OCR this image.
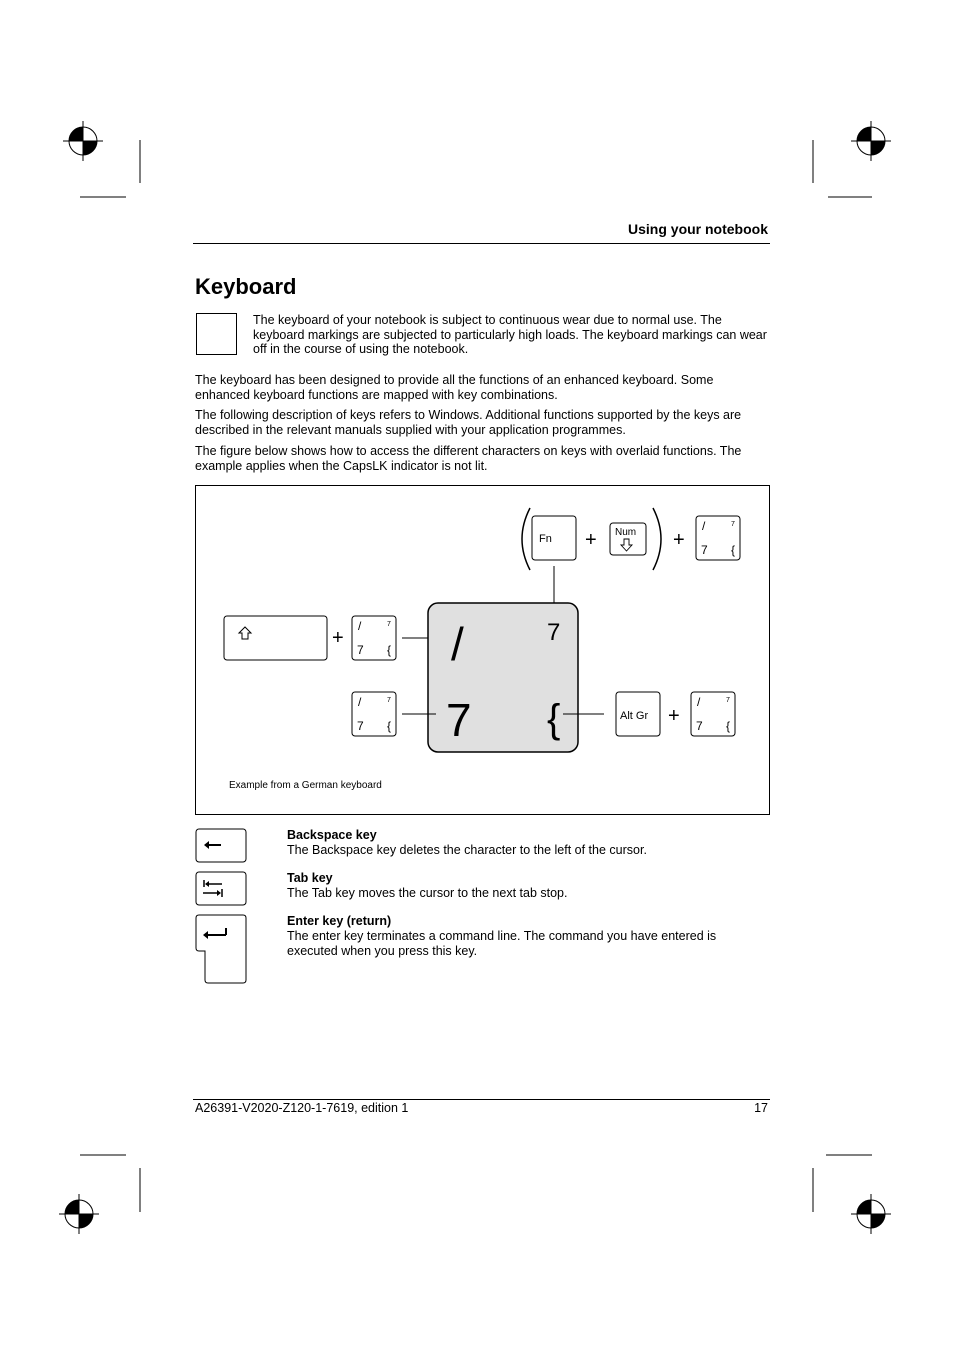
Using your notebook
Keyboard
The keyboard of your notebook is subject to continuous wear due to normal use. The keyboard markings are subjected to particularly high loads. The keyboard markings can wear off in the course of using the notebook.
The keyboard has been designed to provide all the functions of an enhanced keyboard. Some enhanced keyboard functions are mapped with key combinations.
The following description of keys refers to Windows. Additional functions supported by the keys are described in the relevant manuals supplied with your application programmes.
The figure below shows how to access the different characters on keys with overlaid functions. The example applies when the CapsLK indicator is not lit.
Fn + Num +
/	7
7 {
+
/	7
7 { /	7
7 {
/	7
7 {
Alt Gr +
/	7
7 {
Example from a German keyboard
Backspace key
The Backspace key deletes the character to the left of the cursor.
Tab key
The Tab key moves the cursor to the next tab stop.
Enter key (return)
The enter key terminates a command line. The command you have entered is executed when you press this key.
A26391-V2020-Z120-1-7619, edition 1	17
